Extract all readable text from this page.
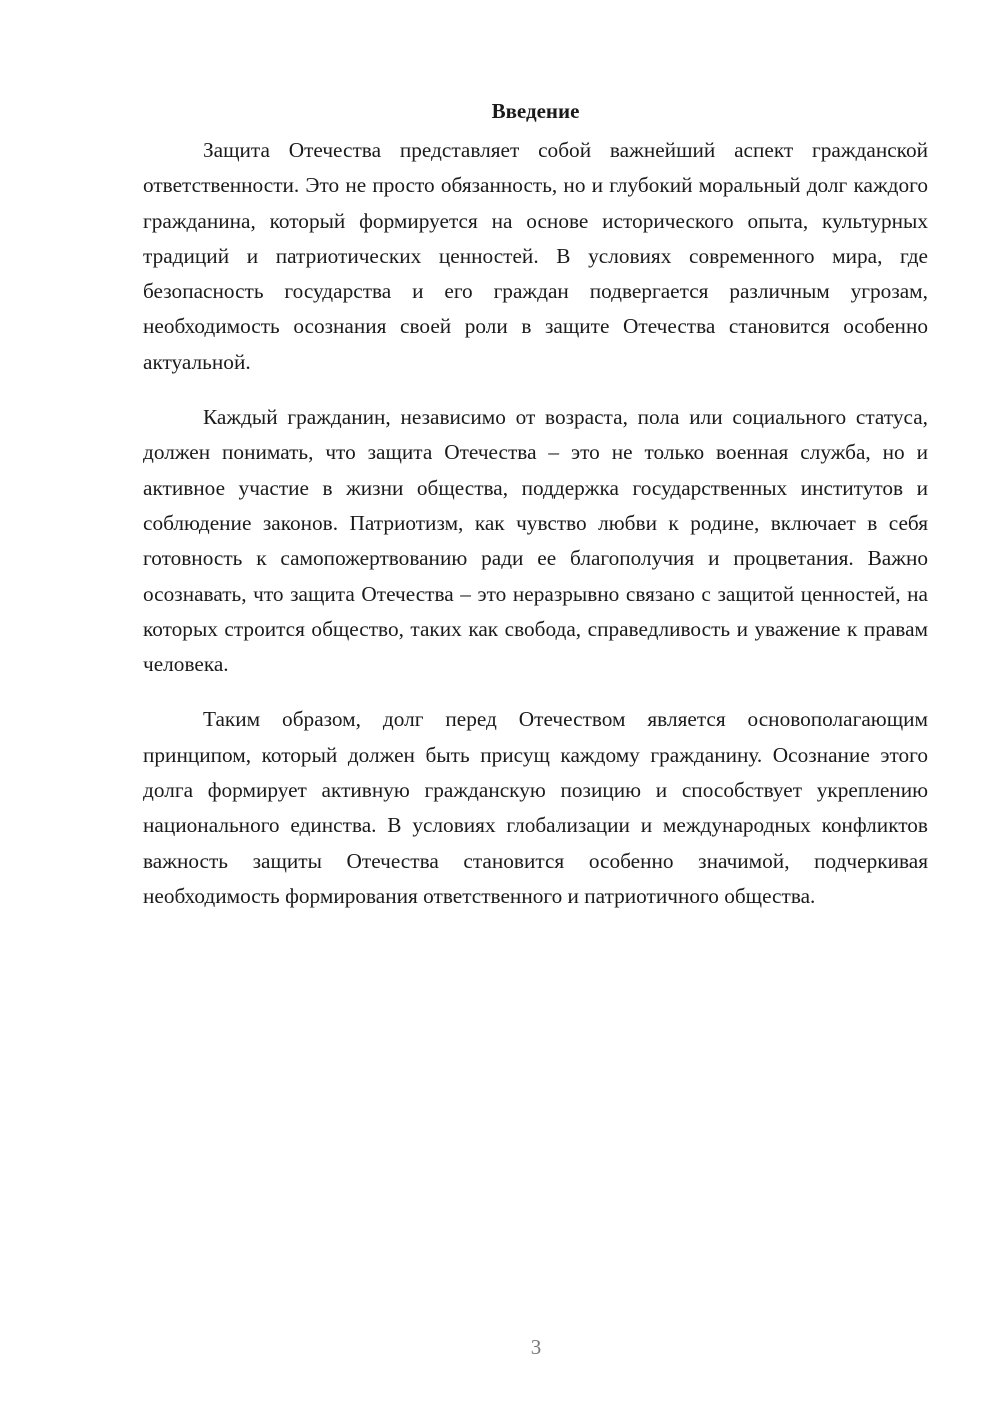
Введение

Защита Отечества представляет собой важнейший аспект гражданской ответственности. Это не просто обязанность, но и глубокий моральный долг каждого гражданина, который формируется на основе исторического опыта, культурных традиций и патриотических ценностей. В условиях современного мира, где безопасность государства и его граждан подвергается различным угрозам, необходимость осознания своей роли в защите Отечества становится особенно актуальной.

Каждый гражданин, независимо от возраста, пола или социального статуса, должен понимать, что защита Отечества – это не только военная служба, но и активное участие в жизни общества, поддержка государственных институтов и соблюдение законов. Патриотизм, как чувство любви к родине, включает в себя готовность к самопожертвованию ради ее благополучия и процветания. Важно осознавать, что защита Отечества – это неразрывно связано с защитой ценностей, на которых строится общество, таких как свобода, справедливость и уважение к правам человека.

Таким образом, долг перед Отечеством является основополагающим принципом, который должен быть присущ каждому гражданину. Осознание этого долга формирует активную гражданскую позицию и способствует укреплению национального единства. В условиях глобализации и международных конфликтов важность защиты Отечества становится особенно значимой, подчеркивая необходимость формирования ответственного и патриотичного общества.

3
